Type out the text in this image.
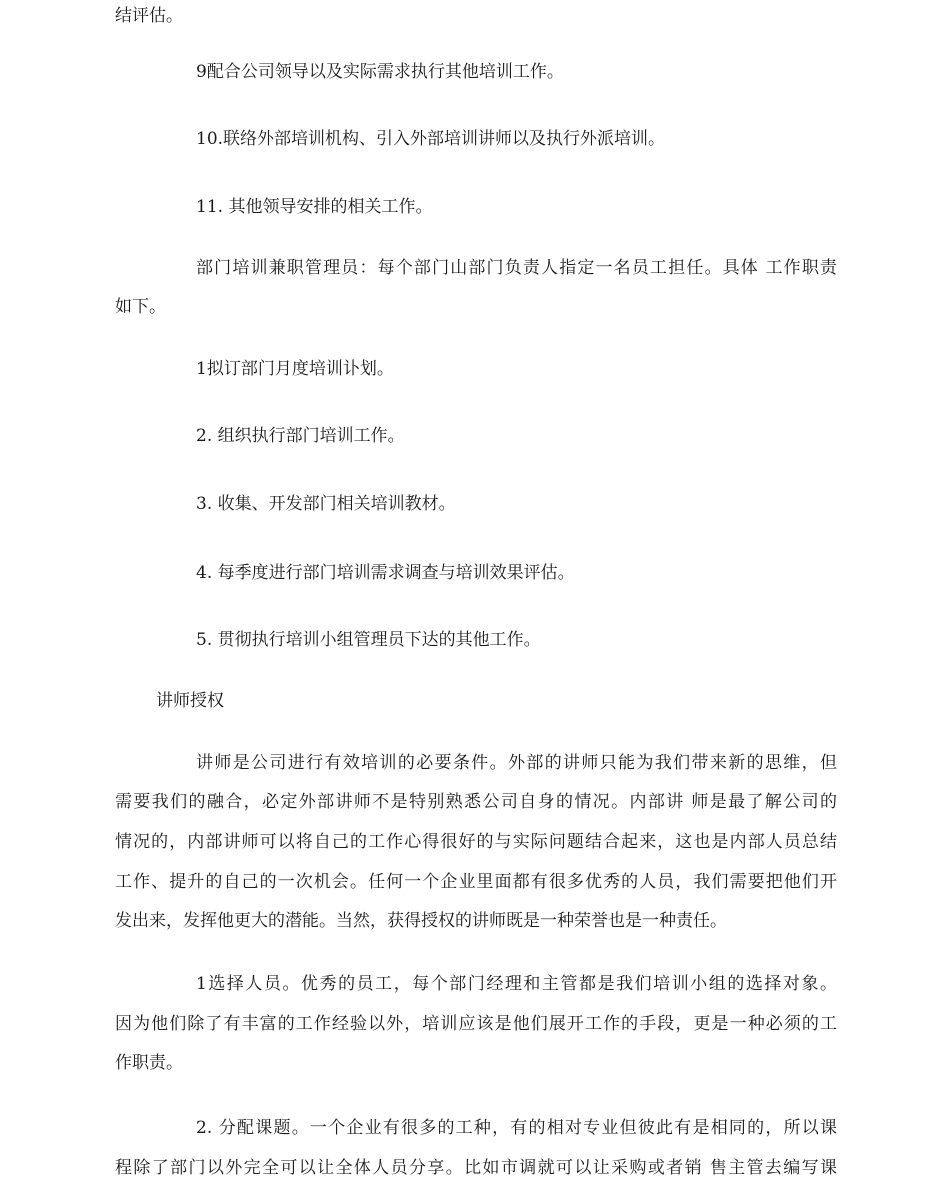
结评估。
9配合公司领导以及实际需求执行其他培训工作。
10.联络外部培训机构、引入外部培训讲师以及执行外派培训。
11. 其他领导安排的相关工作。
部门培训兼职管理员：每个部门山部门负责人指定一名员工担任。具体 工作职责
如下。
1拟订部门月度培训讣划。
2. 组织执行部门培训工作。
3. 收集、开发部门相关培训教材。
4. 每季度进行部门培训需求调查与培训效果评估。
5. 贯彻执行培训小组管理员下达的其他工作。
讲师授权
讲师是公司进行有效培训的必要条件。外部的讲师只能为我们带来新的思维，但
需要我们的融合，必定外部讲师不是特别熟悉公司自身的情况。内部讲 师是最了解公司的
情况的，内部讲师可以将自己的工作心得很好的与实际问题结合起来，这也是内部人员总结
工作、提升的自己的一次机会。任何一个企业里面都有很多优秀的人员，我们需要把他们开
发出来，发挥他更大的潜能。当然，获得授权的讲师既是一种荣誉也是一种责任。
1选择人员。优秀的员工，每个部门经理和主管都是我们培训小组的选择对象。
因为他们除了有丰富的工作经验以外，培训应该是他们展开工作的手段，更是一种必须的工
作职责。
2. 分配课题。一个企业有很多的工种，有的相对专业但彼此有是相同的，所以课
程除了部门以外完全可以让全体人员分享。比如市调就可以让采购或者销 售主管去编写课
